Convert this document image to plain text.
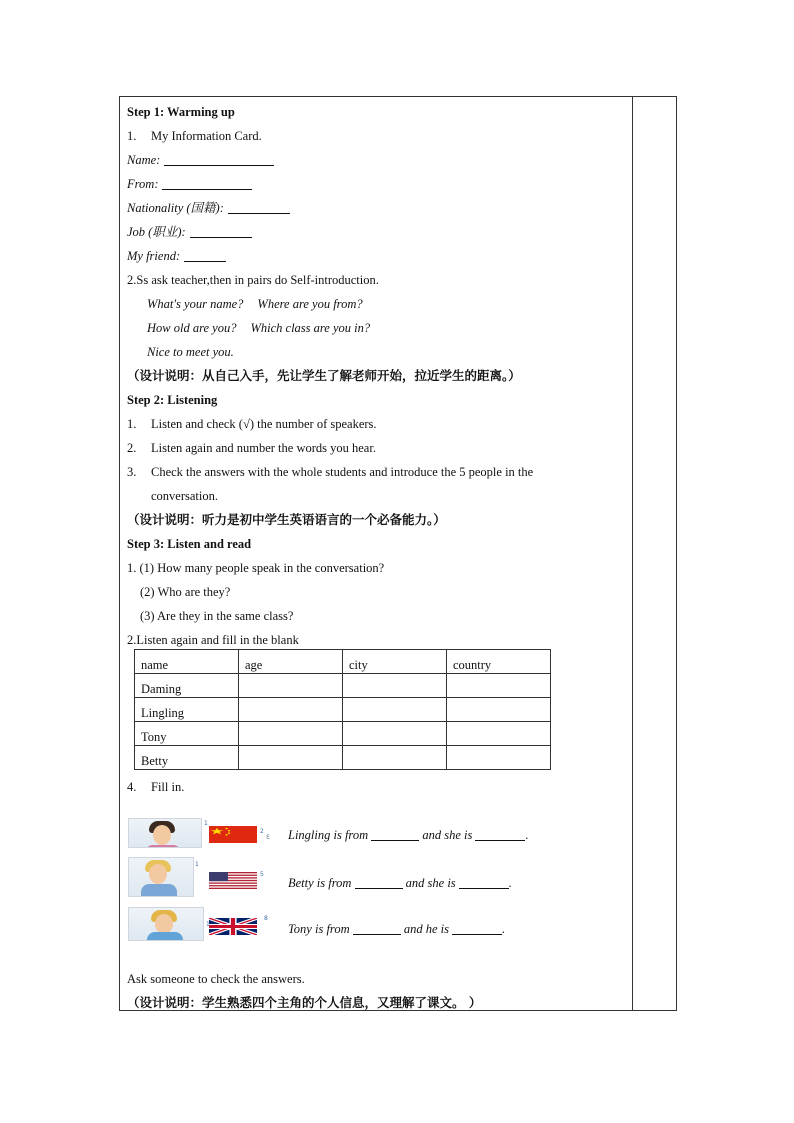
Step 1: Warming up
1. My Information Card.
Name:
From:
Nationality (国籍):
Job (职业):
My friend:
2.Ss ask teacher,then in pairs do Self-introduction.
What's your name? Where are you from?
How old are you? Which class are you in?
Nice to meet you.
（设计说明：从自己入手，先让学生了解老师开始，拉近学生的距离。）
Step 2: Listening
1. Listen and check (√) the number of speakers.
2. Listen again and number the words you hear.
3. Check the answers with the whole students and introduce the 5 people in the
conversation.
（设计说明：听力是初中学生英语语言的一个必备能力。）
Step 3: Listen and read
1. (1) How many people speak in the conversation?
(2) Who are they?
(3) Are they in the same class?
2.Listen again and fill in the blank
name	age	city	country
Daming			
Lingling			
Tony			
Betty			
4. Fill in.
1
2
ε Lingling is from	and she is	.
1
5
Betty is from	and she is	.
1
8
Tony is from	and he is	.
Ask someone to check the answers.
（设计说明：学生熟悉四个主角的个人信息，又理解了课文。 ）
